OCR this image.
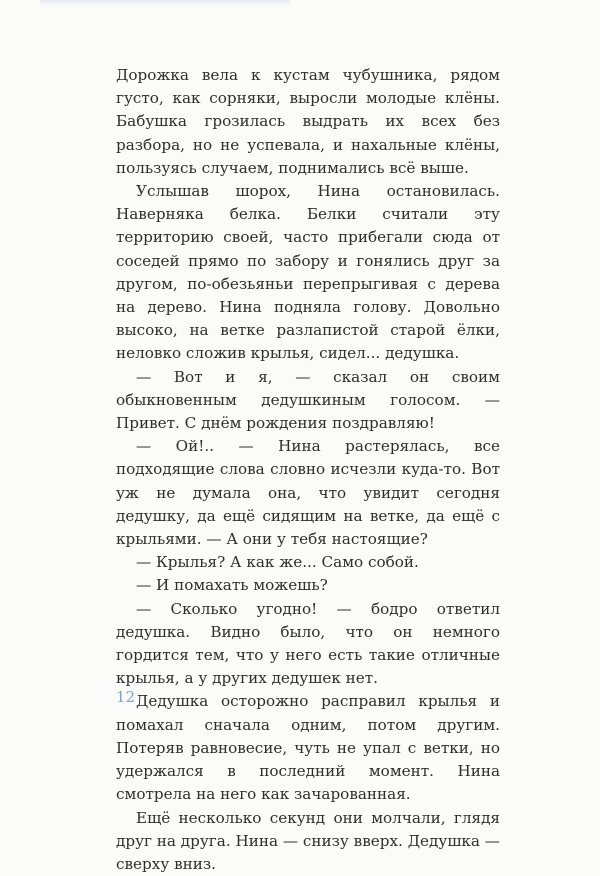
Дорожка вела к кустам чубушника, рядом густо, как сорняки, выросли молодые клёны. Бабушка грозилась выдрать их всех без разбора, но не успевала, и нахальные клёны, пользуясь случаем, поднимались всё выше.

Услышав шорох, Нина остановилась. Наверняка белка. Белки считали эту территорию своей, часто прибегали сюда от соседей прямо по забору и гонялись друг за другом, по-обезьяньи перепрыгивая с дерева на дерево. Нина подняла голову. Довольно высоко, на ветке разлапистой старой ёлки, неловко сложив крылья, сидел... дедушка.

— Вот и я, — сказал он своим обыкновенным дедушкиным голосом. — Привет. С днём рождения поздравляю!

— Ой!.. — Нина растерялась, все подходящие слова словно исчезли куда-то. Вот уж не думала она, что увидит сегодня дедушку, да ещё сидящим на ветке, да ещё с крыльями. — А они у тебя настоящие?

— Крылья? А как же... Само собой.

— И помахать можешь?

— Сколько угодно! — бодро ответил дедушка. Видно было, что он немного гордится тем, что у него есть такие отличные крылья, а у других дедушек нет.

Дедушка осторожно расправил крылья и помахал сначала одним, потом другим. Потеряв равновесие, чуть не упал с ветки, но удержался в последний момент. Нина смотрела на него как зачарованная.

Ещё несколько секунд они молчали, глядя друг на друга. Нина — снизу вверх. Дедушка — сверху вниз.

12
